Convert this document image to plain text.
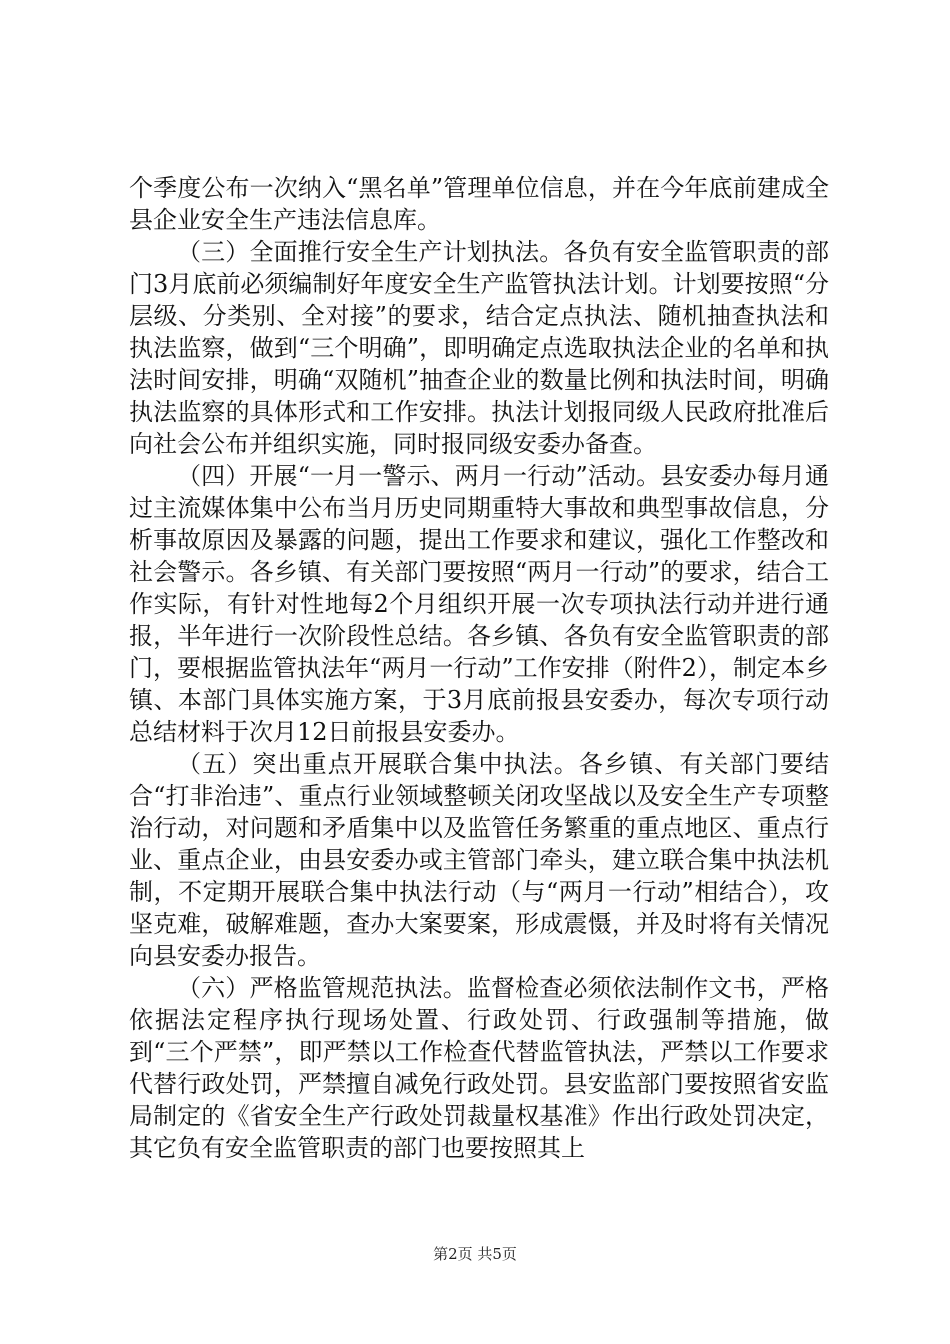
个季度公布一次纳入“黑名单”管理单位信息，并在今年底前建成全县企业安全生产违法信息库。

（三）全面推行安全生产计划执法。各负有安全监管职责的部门3月底前必须编制好年度安全生产监管执法计划。计划要按照“分层级、分类别、全对接”的要求，结合定点执法、随机抽查执法和执法监察，做到“三个明确”，即明确定点选取执法企业的名单和执法时间安排，明确“双随机”抽查企业的数量比例和执法时间，明确执法监察的具体形式和工作安排。执法计划报同级人民政府批准后向社会公布并组织实施，同时报同级安委办备查。

（四）开展“一月一警示、两月一行动”活动。县安委办每月通过主流媒体集中公布当月历史同期重特大事故和典型事故信息，分析事故原因及暴露的问题，提出工作要求和建议，强化工作整改和社会警示。各乡镇、有关部门要按照“两月一行动”的要求，结合工作实际，有针对性地每2个月组织开展一次专项执法行动并进行通报，半年进行一次阶段性总结。各乡镇、各负有安全监管职责的部门，要根据监管执法年“两月一行动”工作安排（附件2），制定本乡镇、本部门具体实施方案，于3月底前报县安委办，每次专项行动总结材料于次月12日前报县安委办。

（五）突出重点开展联合集中执法。各乡镇、有关部门要结合“打非治违”、重点行业领域整顿关闭攻坚战以及安全生产专项整治行动，对问题和矛盾集中以及监管任务繁重的重点地区、重点行业、重点企业，由县安委办或主管部门牵头，建立联合集中执法机制，不定期开展联合集中执法行动（与“两月一行动”相结合），攻坚克难，破解难题，查办大案要案，形成震慑，并及时将有关情况向县安委办报告。

（六）严格监管规范执法。监督检查必须依法制作文书，严格依据法定程序执行现场处置、行政处罚、行政强制等措施，做到“三个严禁”，即严禁以工作检查代替监管执法，严禁以工作要求代替行政处罚，严禁擅自减免行政处罚。县安监部门要按照省安监局制定的《省安全生产行政处罚裁量权基准》作出行政处罚决定，其它负有安全监管职责的部门也要按照其上

第2页 共5页
